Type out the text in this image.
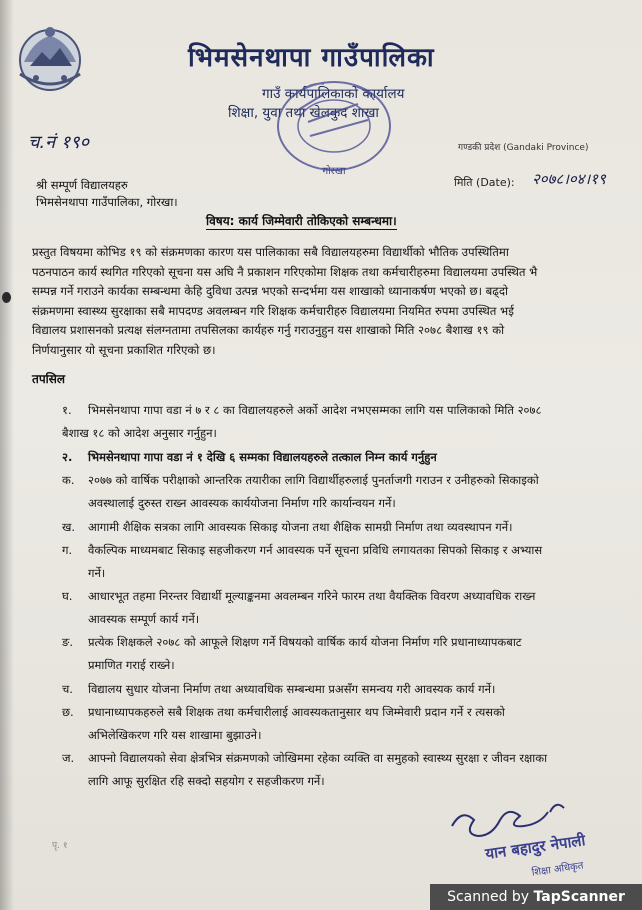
भिमसेनथापा गाउँपालिका
गाउँ कार्यपालिकाको कार्यालय
शिक्षा, युवा तथा खेलकुद शाखा
गोरखा
च.नं १९०	गण्डकी प्रदेश (Gandaki Province)
मिति (Date): २०७८।०४।१९
श्री सम्पूर्ण विद्यालयहरु
भिमसेनथापा गाउँपालिका, गोरखा।
विषय: कार्य जिम्मेवारी तोकिएको सम्बन्धमा।
प्रस्तुत विषयमा कोभिड १९ को संक्रमणका कारण यस पालिकाका सबै विद्यालयहरुमा विद्यार्थीको भौतिक उपस्थितिमा
पठनपाठन कार्य स्थगित गरिएको सूचना यस अघि नै प्रकाशन गरिएकोमा शिक्षक तथा कर्मचारीहरुमा विद्यालयमा उपस्थित भै
सम्पन्न गर्ने गराउने कार्यका सम्बन्धमा केहि दुविधा उत्पन्न भएको सन्दर्भमा यस शाखाको ध्यानाकर्षण भएको छ। बढ्दो
संक्रमणमा स्वास्थ्य सुरक्षाका सबै मापदण्ड अवलम्बन गरि शिक्षक कर्मचारीहरु विद्यालयमा नियमित रुपमा उपस्थित भई
विद्यालय प्रशासनको प्रत्यक्ष संलग्नतामा तपसिलका कार्यहरु गर्नु गराउनुहुन यस शाखाको मिति २०७८ बैशाख १९ को
निर्णयानुसार यो सूचना प्रकाशित गरिएको छ।
तपसिल
१. भिमसेनथापा गापा वडा नं ७ र ८ का विद्यालयहरुले अर्को आदेश नभएसम्मका लागि यस पालिकाको मिति २०७८
बैशाख १८ को आदेश अनुसार गर्नुहुन।
२. भिमसेनथापा गापा वडा नं १ देखि ६ सम्मका विद्यालयहरुले तत्काल निम्न कार्य गर्नुहुन
क. २०७७ को वार्षिक परीक्षाको आन्तरिक तयारीका लागि विद्यार्थीहरुलाई पुनर्ताजगी गराउन र उनीहरुको सिकाइको
अवस्थालाई दुरुस्त राख्न आवस्यक कार्ययोजना निर्माण गरि कार्यान्वयन गर्ने।
ख. आगामी शैक्षिक सत्रका लागि आवस्यक सिकाइ योजना तथा शैक्षिक सामग्री निर्माण तथा व्यवस्थापन गर्ने।
ग. वैकल्पिक माध्यमबाट सिकाइ सहजीकरण गर्न आवस्यक पर्ने सूचना प्रविधि लगायतका सिपको सिकाइ र अभ्यास
गर्ने।
घ. आधारभूत तहमा निरन्तर विद्यार्थी मूल्याङ्कनमा अवलम्बन गरिने फारम तथा वैयक्तिक विवरण अध्यावधिक राख्न
आवस्यक सम्पूर्ण कार्य गर्ने।
ङ. प्रत्येक शिक्षकले २०७८ को आफूले शिक्षण गर्ने विषयको वार्षिक कार्य योजना निर्माण गरि प्रधानाध्यापकबाट
प्रमाणित गराई राख्ने।
च. विद्यालय सुधार योजना निर्माण तथा अध्यावधिक सम्बन्धमा प्रअसँग समन्वय गरी आवस्यक कार्य गर्ने।
छ. प्रधानाध्यापकहरुले सबै शिक्षक तथा कर्मचारीलाई आवस्यकतानुसार थप जिम्मेवारी प्रदान गर्ने र त्यसको
अभिलेखिकरण गरि यस शाखामा बुझाउने।
ज. आफ्नो विद्यालयको सेवा क्षेत्रभित्र संक्रमणको जोखिममा रहेका व्यक्ति वा समुहको स्वास्थ्य सुरक्षा र जीवन रक्षाका
लागि आफू सुरक्षित रहि सक्दो सहयोग र सहजीकरण गर्ने।
पृ. १	यान बहादुर नेपाली
शिक्षा अधिकृत
Scanned by TapScanner
